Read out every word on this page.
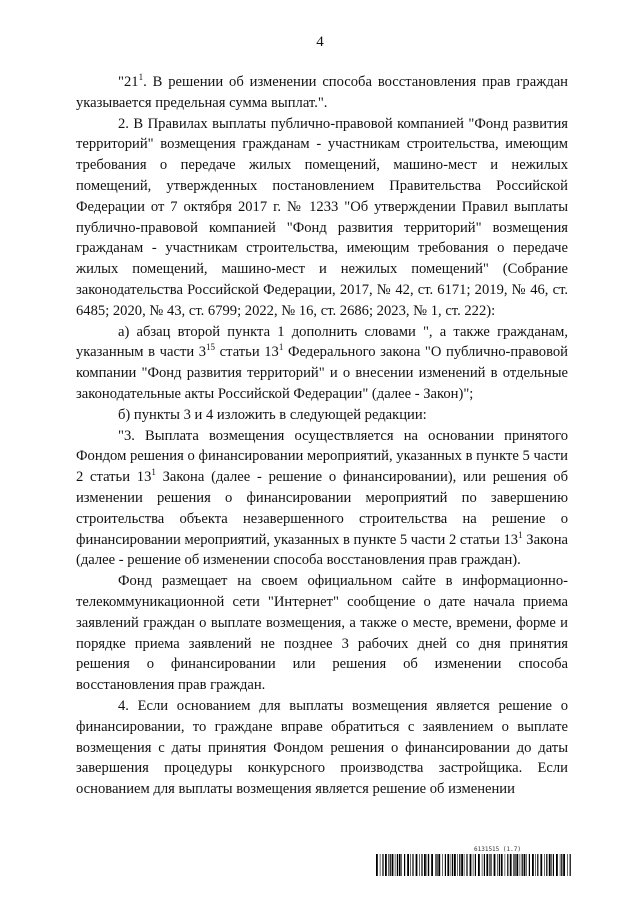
4

"$21^1$. В решении об изменении способа восстановления прав граждан указывается предельная сумма выплат.".

2. В Правилах выплаты публично-правовой компанией "Фонд развития территорий" возмещения гражданам - участникам строительства, имеющим требования о передаче жилых помещений, машино-мест и нежилых помещений, утвержденных постановлением Правительства Российской Федерации от 7 октября 2017 г. № 1233 "Об утверждении Правил выплаты публично-правовой компанией "Фонд развития территорий" возмещения гражданам - участникам строительства, имеющим требования о передаче жилых помещений, машино-мест и нежилых помещений" (Собрание законодательства Российской Федерации, 2017, № 42, ст. 6171; 2019, № 46, ст. 6485; 2020, № 43, ст. 6799; 2022, № 16, ст. 2686; 2023, № 1, ст. 222):

а) абзац второй пункта 1 дополнить словами ", а также гражданам, указанным в части $3^{15}$ статьи $13^1$ Федерального закона "О публично-правовой компании "Фонд развития территорий" и о внесении изменений в отдельные законодательные акты Российской Федерации" (далее - Закон)";

б) пункты 3 и 4 изложить в следующей редакции:

"3. Выплата возмещения осуществляется на основании принятого Фондом решения о финансировании мероприятий, указанных в пункте 5 части 2 статьи $13^1$ Закона (далее - решение о финансировании), или решения об изменении решения о финансировании мероприятий по завершению строительства объекта незавершенного строительства на решение о финансировании мероприятий, указанных в пункте 5 части 2 статьи $13^1$ Закона (далее - решение об изменении способа восстановления прав граждан).

Фонд размещает на своем официальном сайте в информационно-телекоммуникационной сети "Интернет" сообщение о дате начала приема заявлений граждан о выплате возмещения, а также о месте, времени, форме и порядке приема заявлений не позднее 3 рабочих дней со дня принятия решения о финансировании или решения об изменении способа восстановления прав граждан.

4. Если основанием для выплаты возмещения является решение о финансировании, то граждане вправе обратиться с заявлением о выплате возмещения с даты принятия Фондом решения о финансировании до даты завершения процедуры конкурсного производства застройщика. Если основанием для выплаты возмещения является решение об изменении

6131515 (1.7)
